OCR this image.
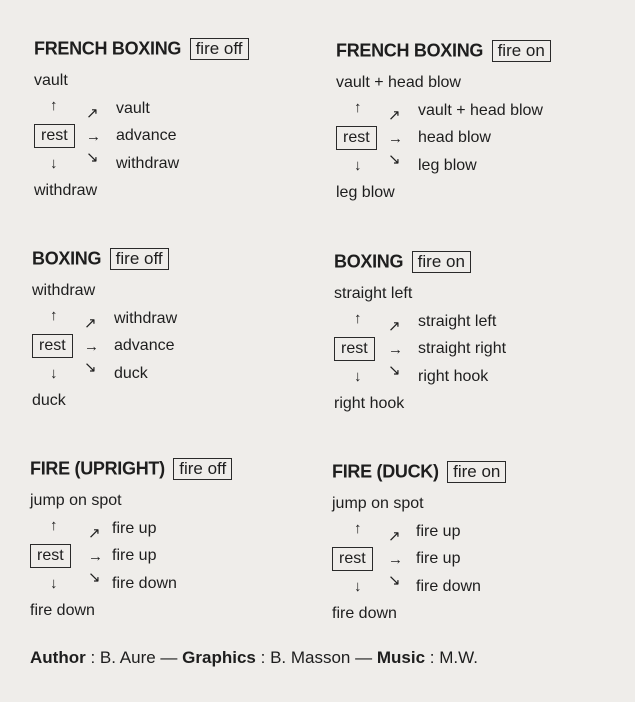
FRENCH BOXING fire off
vault
↑ ↗ vault
rest	→ advance
↓ ↘ withdraw
withdraw
FRENCH BOXING fire on
vault + head blow
↑ ↗ vault + head blow
rest	→ head blow
↓ ↘ leg blow
leg blow
BOXING fire off
withdraw
↑ ↗ withdraw
rest	→ advance
↓ ↘ duck
duck
BOXING fire on
straight left
↑ ↗ straight left
rest	→ straight right
↓ ↘ right hook
right hook
FIRE (UPRIGHT) fire off
jump on spot
↑ ↗ fire up
rest	→ fire up
↓ ↘ fire down
fire down
FIRE (DUCK) fire on
jump on spot
↑ ↗ fire up
rest	→ fire up
↓ ↘ fire down
fire down
Author : B. Aure — Graphics : B. Masson — Music : M.W.
